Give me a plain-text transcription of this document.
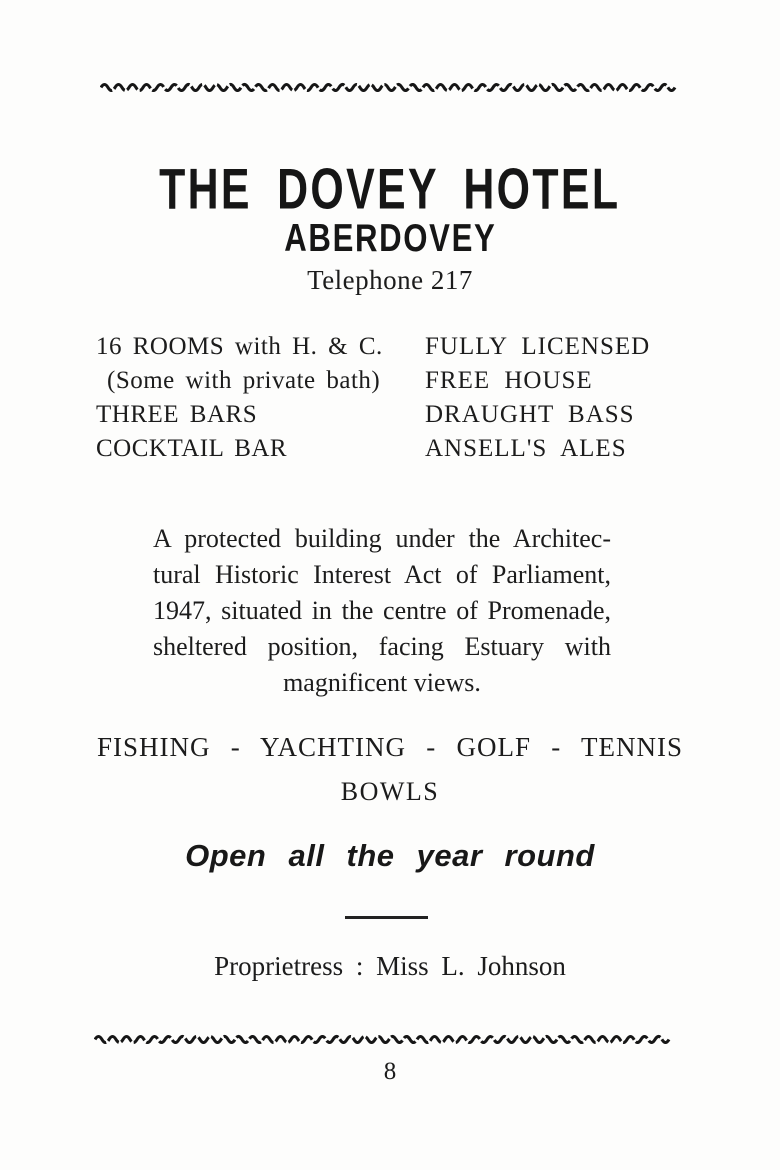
THE DOVEY HOTEL
ABERDOVEY
Telephone 217
16 ROOMS with H. & C.
(Some with private bath)
THREE BARS
COCKTAIL BAR
FULLY LICENSED
FREE HOUSE
DRAUGHT BASS
ANSELL'S ALES
A protected building under the Architec-
tural Historic Interest Act of Parliament,
1947, situated in the centre of Promenade,
sheltered position, facing Estuary with
magnificent views.
FISHING - YACHTING - GOLF - TENNIS
BOWLS
Open all the year round
Proprietress : Miss L. Johnson
8
